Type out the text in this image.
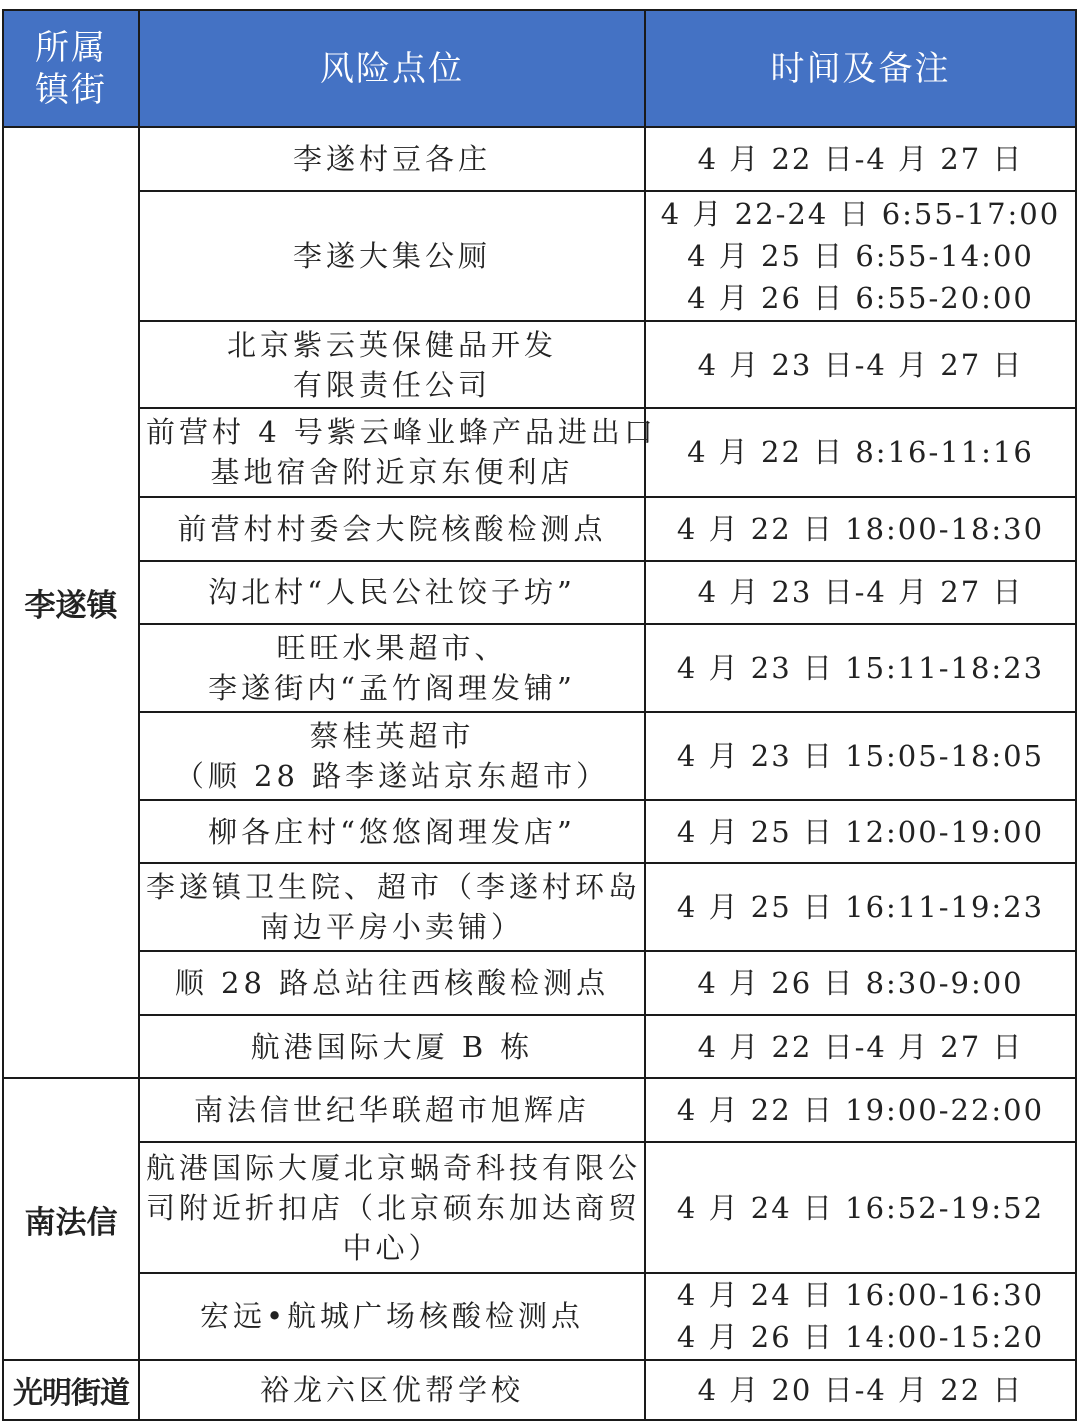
所属
镇街	风险点位	时间及备注
李遂镇	李遂村豆各庄	4 月 22 日-4 月 27 日

	李遂大集公厕	4 月 22-24 日 6:55-17:00
4 月 25 日 6:55-14:00
4 月 26 日 6:55-20:00

	北京紫云英保健品开发
有限责任公司	4 月 23 日-4 月 27 日

	前营村 4 号紫云峰业蜂产品进出口
基地宿舍附近京东便利店	4 月 22 日 8:16-11:16

	前营村村委会大院核酸检测点	4 月 22 日 18:00-18:30

	沟北村“人民公社饺子坊”	4 月 23 日-4 月 27 日

	旺旺水果超市、
李遂街内“孟竹阁理发铺”	4 月 23 日 15:11-18:23

	蔡桂英超市
（顺 28 路李遂站京东超市）	4 月 23 日 15:05-18:05

	柳各庄村“悠悠阁理发店”	4 月 25 日 12:00-19:00

	李遂镇卫生院、超市（李遂村环岛
南边平房小卖铺）	4 月 25 日 16:11-19:23

	顺 28 路总站往西核酸检测点	4 月 26 日 8:30-9:00

	航港国际大厦 B 栋	4 月 22 日-4 月 27 日

南法信	南法信世纪华联超市旭辉店	4 月 22 日 19:00-22:00

	航港国际大厦北京蜗奇科技有限公
司附近折扣店（北京硕东加达商贸
中心）	4 月 24 日 16:52-19:52

	宏远•航城广场核酸检测点	4 月 24 日 16:00-16:30
4 月 26 日 14:00-15:20

光明街道	裕龙六区优帮学校	4 月 20 日-4 月 22 日
